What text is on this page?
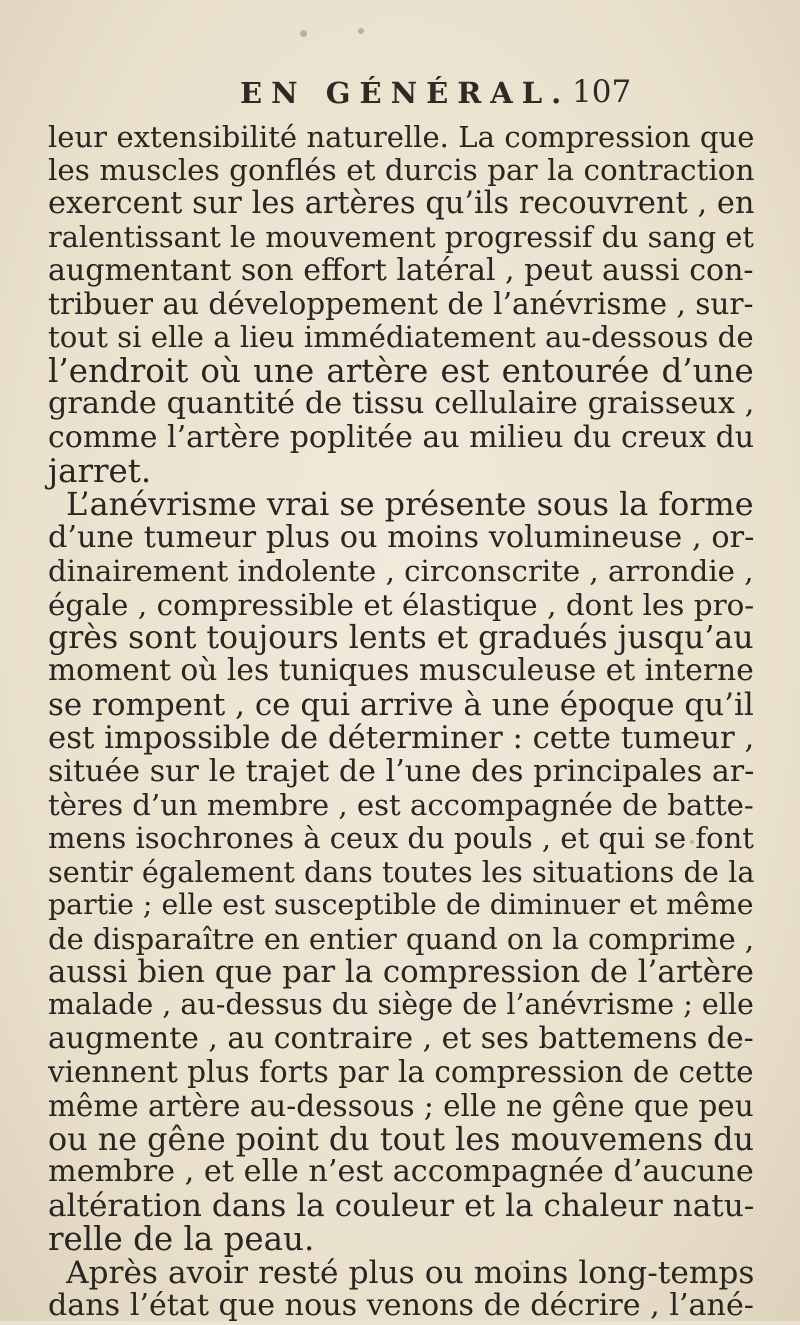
EN GÉNÉRAL. 107
leur extensibilité naturelle. La compression que
les muscles gonflés et durcis par la contraction
exercent sur les artères qu’ils recouvrent , en
ralentissant le mouvement progressif du sang et
augmentant son effort latéral , peut aussi con-
tribuer au développement de l’anévrisme , sur-
tout si elle a lieu immédiatement au-dessous de
l’endroit où une artère est entourée d’une
grande quantité de tissu cellulaire graisseux ,
comme l’artère poplitée au milieu du creux du
jarret.
L’anévrisme vrai se présente sous la forme
d’une tumeur plus ou moins volumineuse , or-
dinairement indolente , circonscrite , arrondie ,
égale , compressible et élastique , dont les pro-
grès sont toujours lents et gradués jusqu’au
moment où les tuniques musculeuse et interne
se rompent , ce qui arrive à une époque qu’il
est impossible de déterminer : cette tumeur ,
située sur le trajet de l’une des principales ar-
tères d’un membre , est accompagnée de batte-
mens isochrones à ceux du pouls , et qui se font
sentir également dans toutes les situations de la
partie ; elle est susceptible de diminuer et même
de disparaître en entier quand on la comprime ,
aussi bien que par la compression de l’artère
malade , au-dessus du siège de l’anévrisme ; elle
augmente , au contraire , et ses battemens de-
viennent plus forts par la compression de cette
même artère au-dessous ; elle ne gêne que peu
ou ne gêne point du tout les mouvemens du
membre , et elle n’est accompagnée d’aucune
altération dans la couleur et la chaleur natu-
relle de la peau.
Après avoir resté plus ou moins long-temps
dans l’état que nous venons de décrire , l’ané-
